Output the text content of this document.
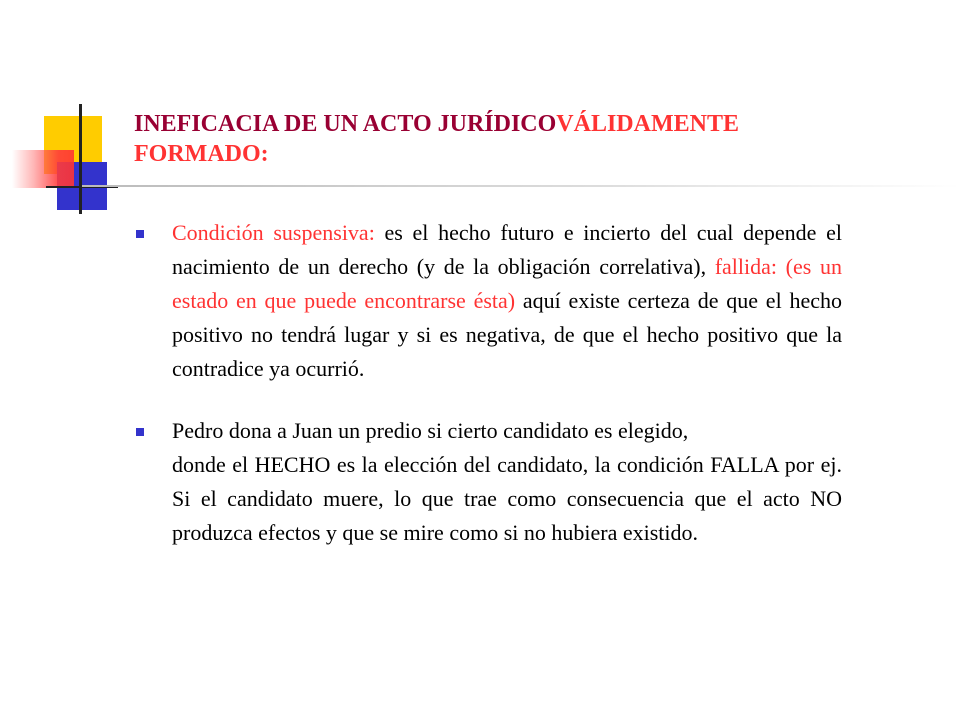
INEFICACIA DE UN ACTO JURÍDICOVÁLIDAMENTE
FORMADO:

Condición suspensiva: es el hecho futuro e incierto del cual depende el nacimiento de un derecho (y de la obligación correlativa), fallida: (es un estado en que puede encontrarse ésta) aquí existe certeza de que el hecho positivo no tendrá lugar y si es negativa, de que el hecho positivo que la contradice ya ocurrió.

Pedro dona a Juan un predio si cierto candidato es elegido,

donde el HECHO es la elección del candidato, la condición FALLA por ej. Si el candidato muere, lo que trae como consecuencia que el acto NO produzca efectos y que se mire como si no hubiera existido.
